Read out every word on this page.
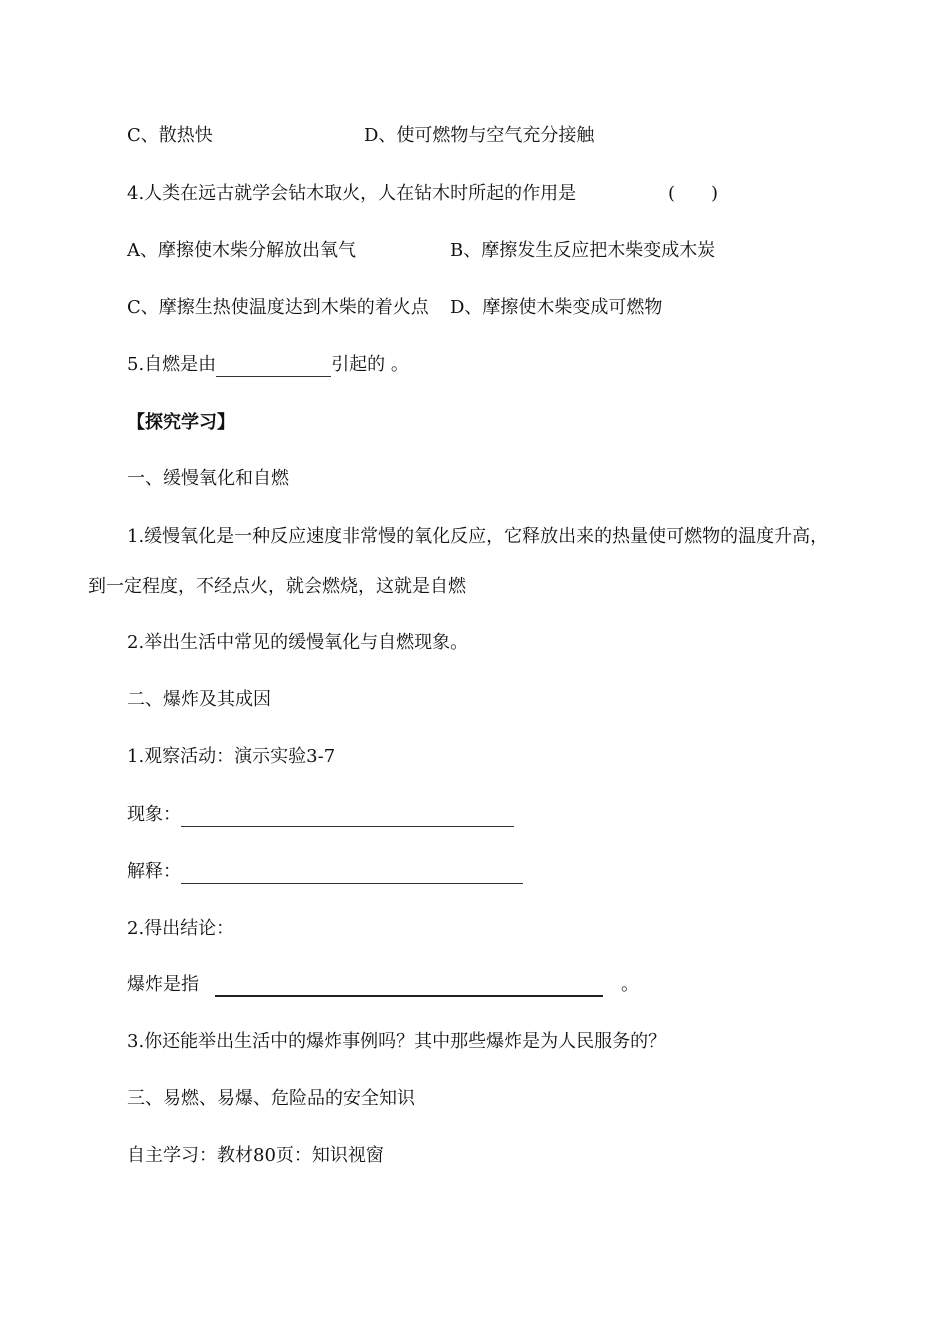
C、散热快	D、使可燃物与空气充分接触
4.人类在远古就学会钻木取火，人在钻木时所起的作用是	(　　)
A、摩擦使木柴分解放出氧气	B、摩擦发生反应把木柴变成木炭
C、摩擦生热使温度达到木柴的着火点 D、摩擦使木柴变成可燃物
5.自燃是由	引起的 。
【探究学习】
一、缓慢氧化和自燃
1.缓慢氧化是一种反应速度非常慢的氧化反应，它释放出来的热量使可燃物的温度升高，
到一定程度，不经点火，就会燃烧，这就是自燃
2.举出生活中常见的缓慢氧化与自燃现象。
二、爆炸及其成因
1.观察活动：演示实验3-7
现象：
解释：
2.得出结论：
爆炸是指	。
3.你还能举出生活中的爆炸事例吗？其中那些爆炸是为人民服务的？
三、易燃、易爆、危险品的安全知识
自主学习：教材80页：知识视窗
